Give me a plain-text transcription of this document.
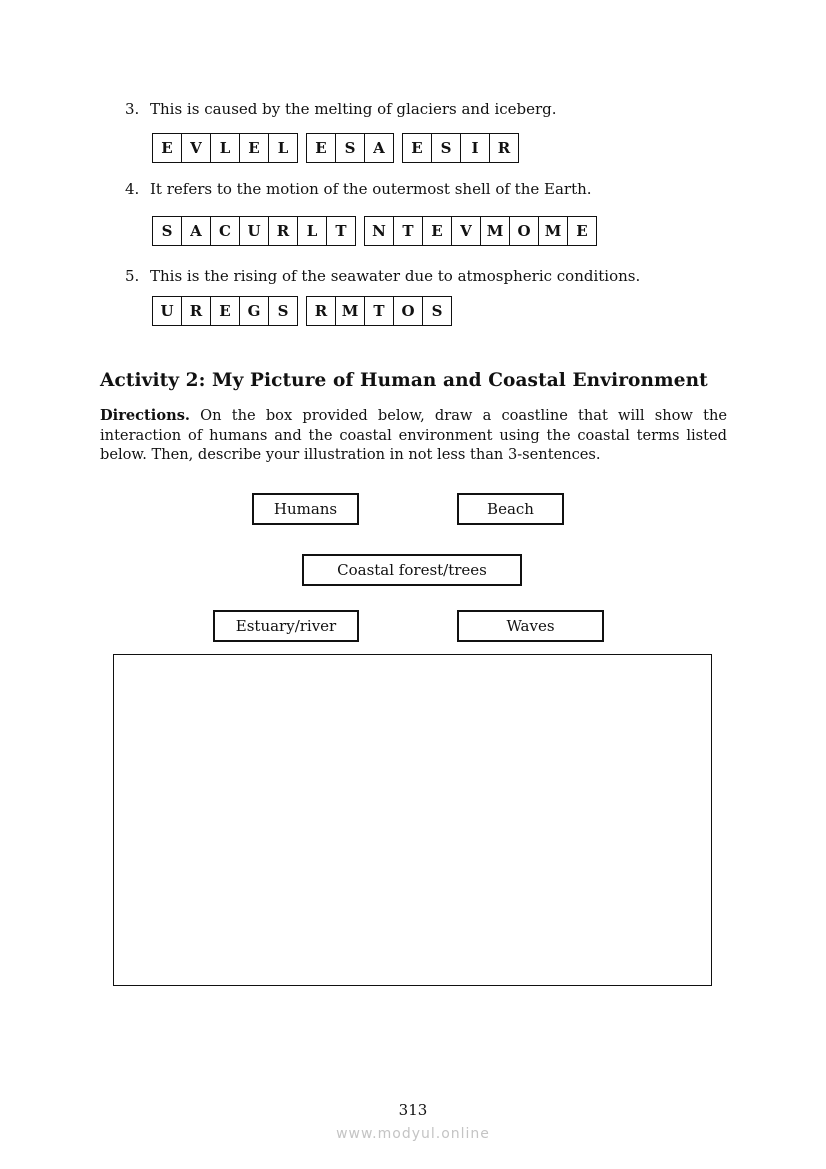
3. This is caused by the melting of glaciers and iceberg.
E	V	L	E	L	E	S	A	E	S	I	R
4. It refers to the motion of the outermost shell of the Earth.
S	A	C	U	R	L	T	N	T	E	V M O M E
5. This is the rising of the seawater due to atmospheric conditions.
U	R	E	G	S	R M	T	O	S
Activity 2: My Picture of Human and Coastal Environment

Directions. On the box provided below, draw a coastline that will show the interaction of humans and the coastal environment using the coastal terms listed below. Then, describe your illustration in not less than 3-sentences.

Humans	Beach
Coastal forest/trees
Estuary/river	Waves
313
www.modyul.online
